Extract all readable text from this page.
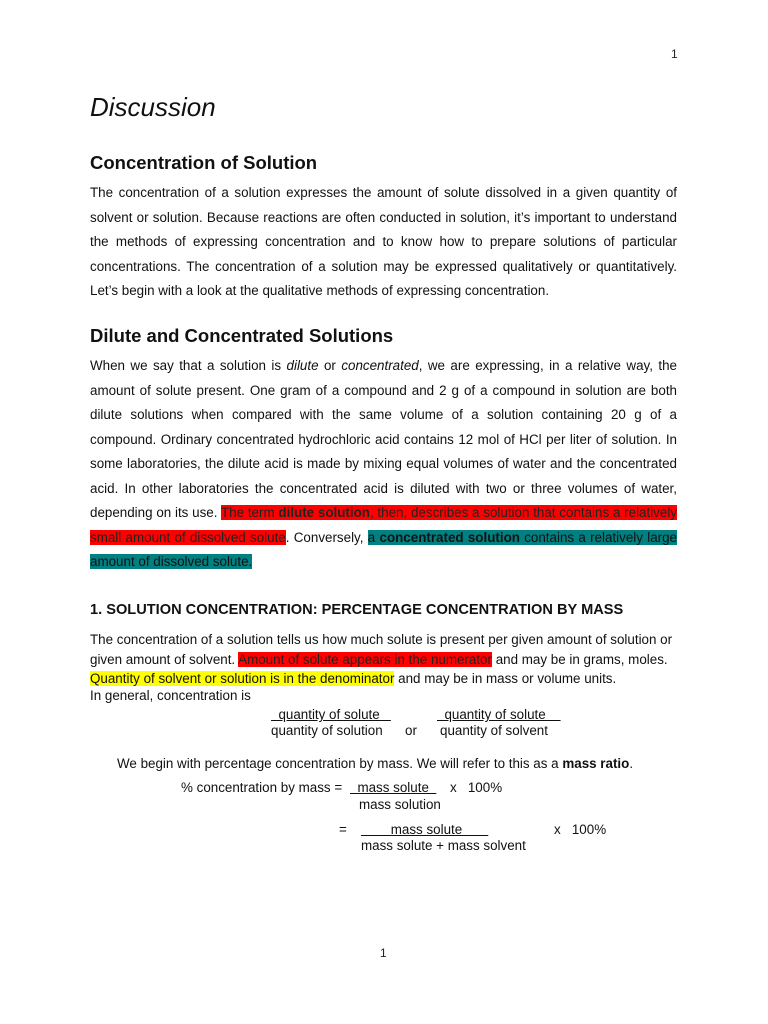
1
Discussion
Concentration of Solution

The concentration of a solution expresses the amount of solute dissolved in a given quantity of solvent or solution. Because reactions are often conducted in solution, it’s important to understand the methods of expressing concentration and to know how to prepare solutions of particular concentrations. The concentration of a solution may be expressed qualitatively or quantitatively. Let’s begin with a look at the qualitative methods of expressing concentration.

Dilute and Concentrated Solutions

When we say that a solution is dilute or concentrated, we are expressing, in a relative way, the amount of solute present. One gram of a compound and 2 g of a compound in solution are both dilute solutions when compared with the same volume of a solution containing 20 g of a compound. Ordinary concentrated hydrochloric acid contains 12 mol of HCl per liter of solution. In some laboratories, the dilute acid is made by mixing equal volumes of water and the concentrated acid. In other laboratories the concentrated acid is diluted with two or three volumes of water, depending on its use. The term dilute solution, then, describes a solution that contains a relatively small amount of dissolved solute. Conversely, a concentrated solution contains a relatively large amount of dissolved solute.

1. SOLUTION CONCENTRATION: PERCENTAGE CONCENTRATION BY MASS

The concentration of a solution tells us how much solute is present per given amount of solution or given amount of solvent. Amount of solute appears in the numerator and may be in grams, moles. Quantity of solvent or solution is in the denominator and may be in mass or volume units.

In general, concentration is
quantity of solute
quantity of solution or
quantity of solute
quantity of solvent
We begin with percentage concentration by mass. We will refer to this as a mass ratio.
% concentration by mass = mass solute
mass solution
x   100%
= mass solute
mass solute + mass solvent
x   100%
1
